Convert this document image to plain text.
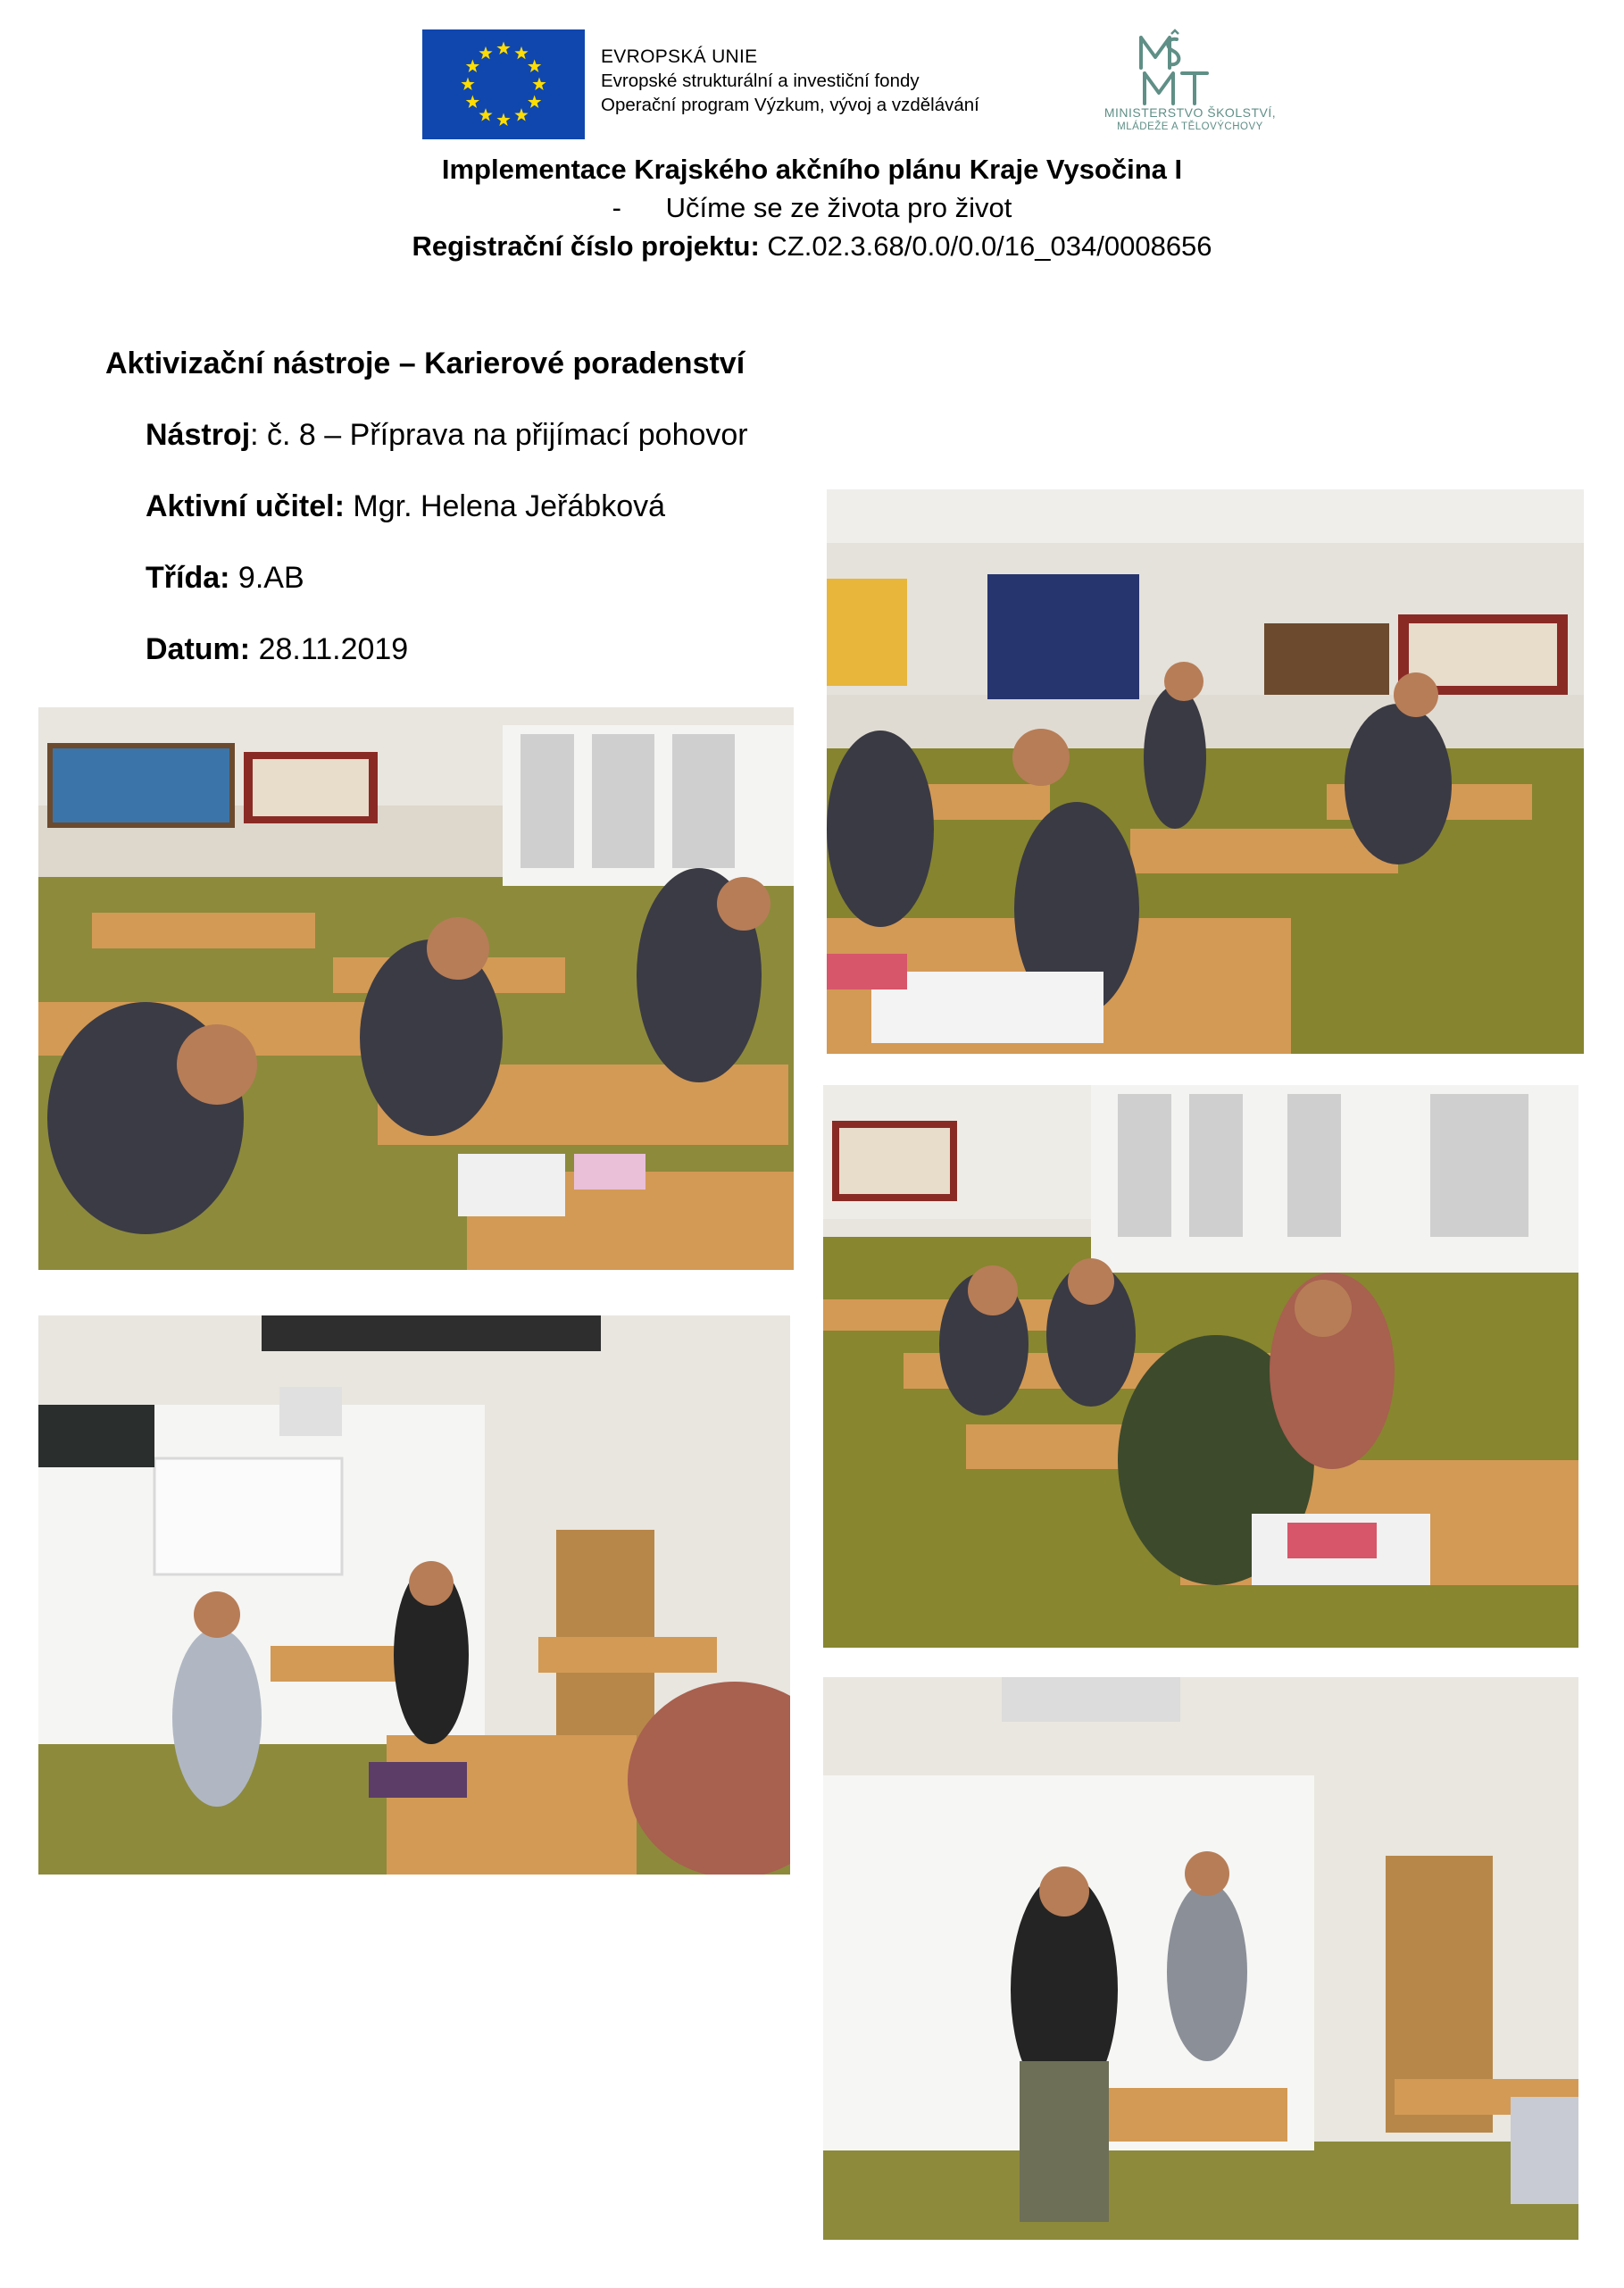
EVROPSKÁ UNIE
Evropské strukturální a investiční fondy
Operační program Výzkum, vývoj a vzdělávání	MINISTERSTVO ŠKOLSTVÍ,
MLÁDEŽE A TĚLOVÝCHOVY
Implementace Krajského akčního plánu Kraje Vysočina I
- Učíme se ze života pro život
Registrační číslo projektu: CZ.02.3.68/0.0/0.0/16_034/0008656
Aktivizační nástroje – Karierové poradenství
Nástroj: č. 8 – Příprava na přijímací pohovor
Aktivní učitel: Mgr. Helena Jeřábková
Třída: 9.AB
Datum: 28.11.2019
